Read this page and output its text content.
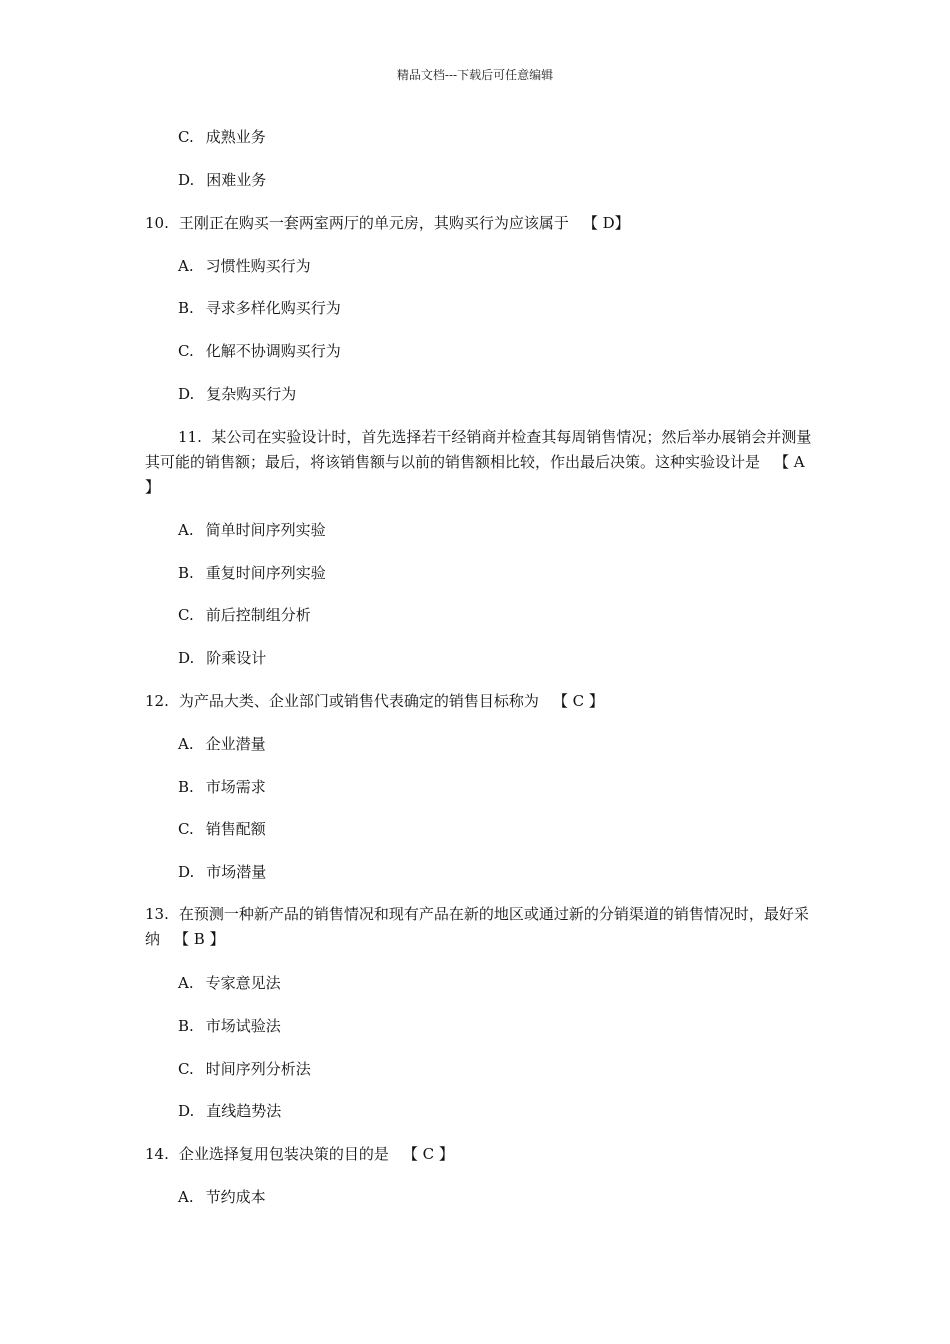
精品文档---下载后可任意编辑
C. 成熟业务
D. 困难业务
10. 王刚正在购买一套两室两厅的单元房，其购买行为应该属于 【 D】
A. 习惯性购买行为
B. 寻求多样化购买行为
C. 化解不协调购买行为
D. 复杂购买行为
11. 某公司在实验设计时，首先选择若干经销商并检查其每周销售情况；然后举办展销会并测量其可能的销售额；最后，将该销售额与以前的销售额相比较，作出最后决策。这种实验设计是 【 A 】
A. 简单时间序列实验
B. 重复时间序列实验
C. 前后控制组分析
D. 阶乘设计
12. 为产品大类、企业部门或销售代表确定的销售目标称为 【 C 】
A. 企业潜量
B. 市场需求
C. 销售配额
D. 市场潜量
13. 在预测一种新产品的销售情况和现有产品在新的地区或通过新的分销渠道的销售情况时，最好采纳 【 B 】
A. 专家意见法
B. 市场试验法
C. 时间序列分析法
D. 直线趋势法
14. 企业选择复用包装决策的目的是 【 C 】
A. 节约成本
